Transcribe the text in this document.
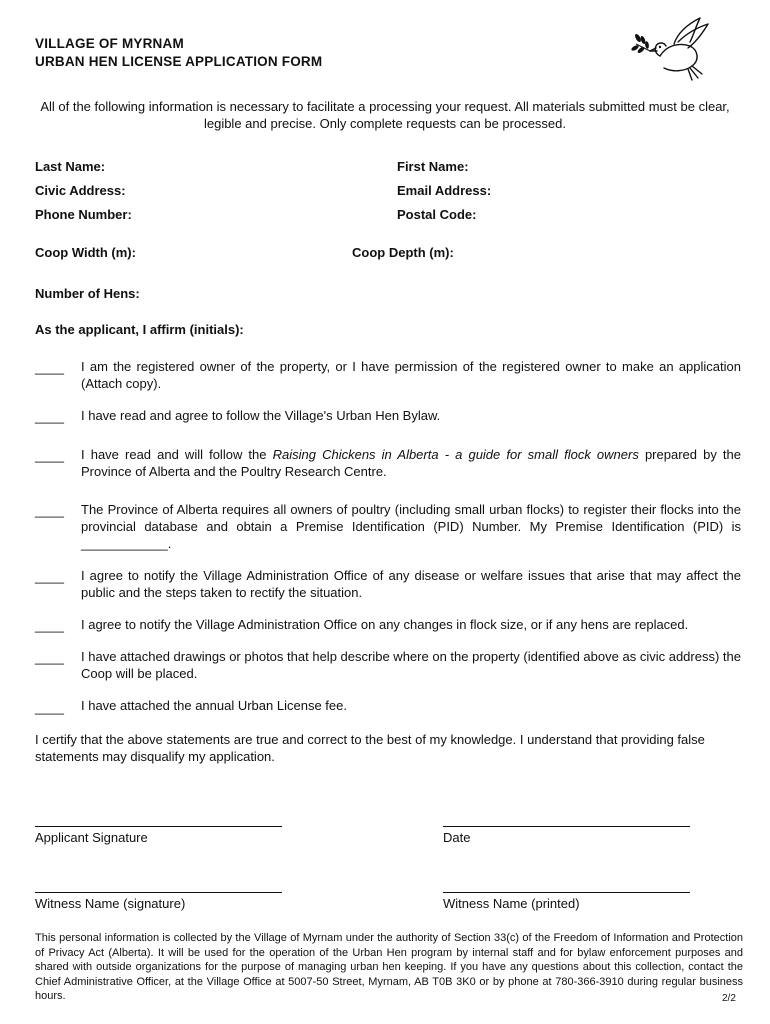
VILLAGE OF MYRNAM
URBAN HEN LICENSE APPLICATION FORM
All of the following information is necessary to facilitate a processing your request. All materials submitted must be clear, legible and precise. Only complete requests can be processed.
Last Name:	First Name:
Civic Address:	Email Address:
Phone Number:	Postal Code:
Coop Width (m):	Coop Depth (m):
Number of Hens:
As the applicant, I affirm (initials):
____ I am the registered owner of the property, or I have permission of the registered owner to make an application (Attach copy).
____ I have read and agree to follow the Village's Urban Hen Bylaw.
____ I have read and will follow the Raising Chickens in Alberta - a guide for small flock owners prepared by the Province of Alberta and the Poultry Research Centre.
____ The Province of Alberta requires all owners of poultry (including small urban flocks) to register their flocks into the provincial database and obtain a Premise Identification (PID) Number. My Premise Identification (PID) is ____________.
____ I agree to notify the Village Administration Office of any disease or welfare issues that arise that may affect the public and the steps taken to rectify the situation.
____ I agree to notify the Village Administration Office on any changes in flock size, or if any hens are replaced.
____ I have attached drawings or photos that help describe where on the property (identified above as civic address) the Coop will be placed.
____ I have attached the annual Urban License fee.
I certify that the above statements are true and correct to the best of my knowledge. I understand that providing false statements may disqualify my application.
Applicant Signature	Date
Witness Name (signature)	Witness Name (printed)
This personal information is collected by the Village of Myrnam under the authority of Section 33(c) of the Freedom of Information and Protection of Privacy Act (Alberta). It will be used for the operation of the Urban Hen program by internal staff and for bylaw enforcement purposes and shared with outside organizations for the purpose of managing urban hen keeping. If you have any questions about this collection, contact the Chief Administrative Officer, at the Village Office at 5007-50 Street, Myrnam, AB T0B 3K0 or by phone at 780-366-3910 during regular business hours.	2/2
